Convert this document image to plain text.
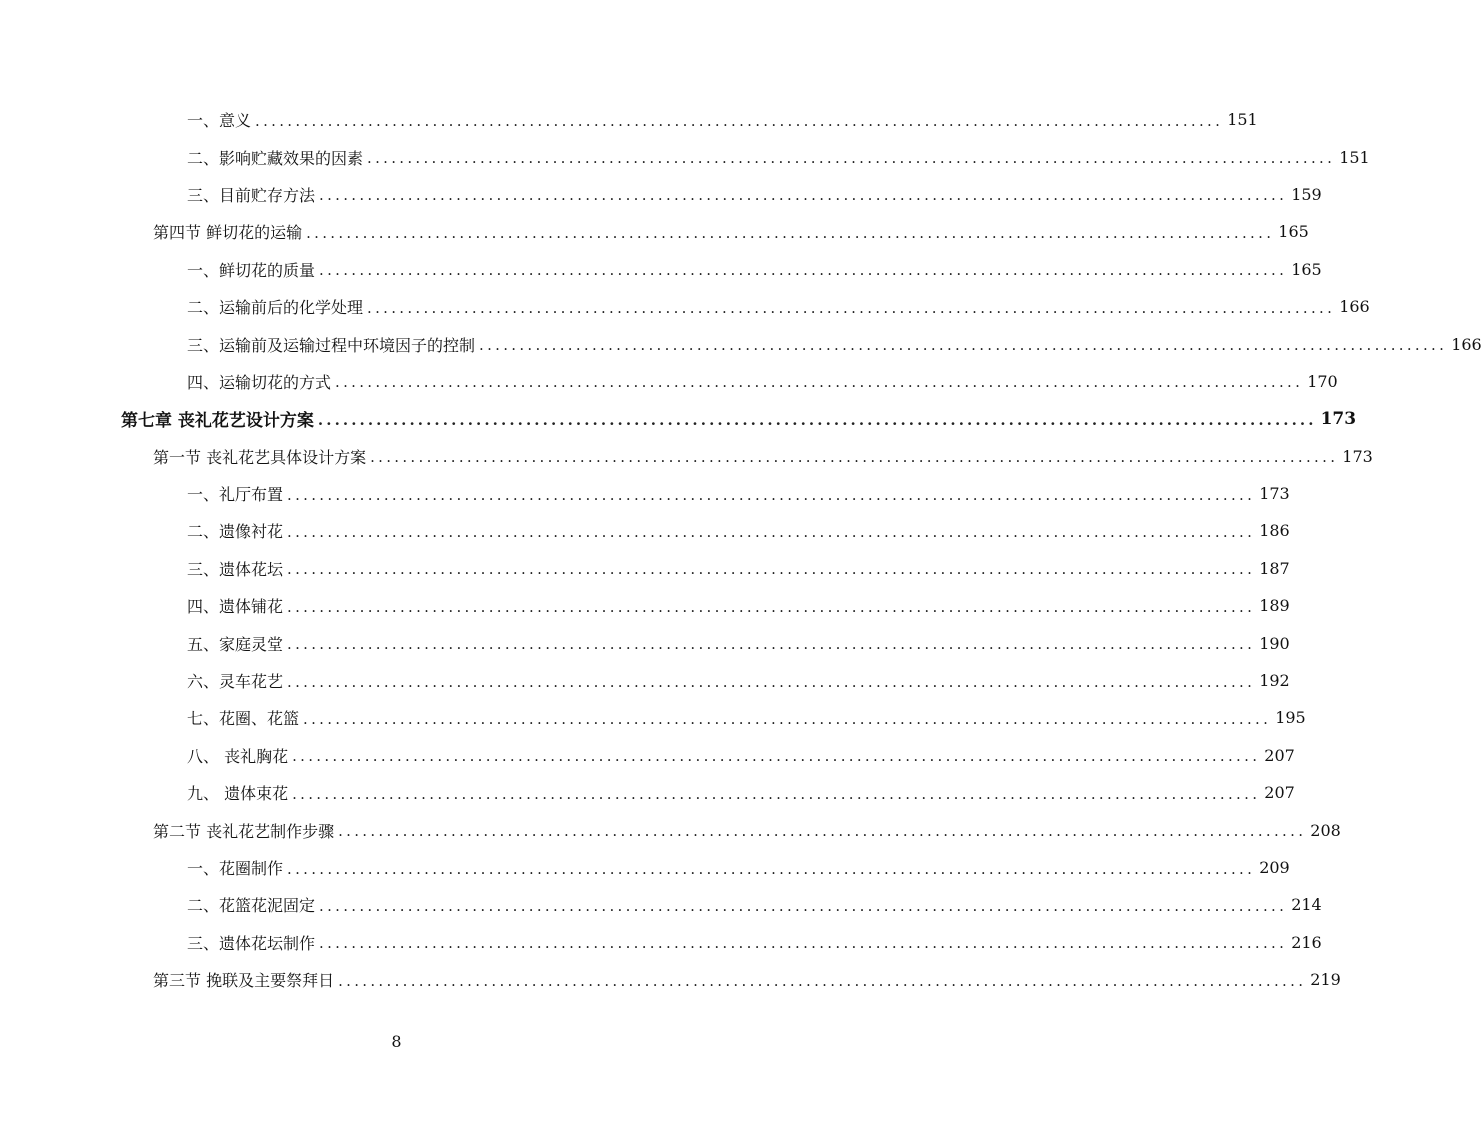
一、意义 ........................................................................................................................ 151
二、影响贮藏效果的因素 ........................................................................................................................ 151
三、目前贮存方法 ........................................................................................................................ 159
第四节 鲜切花的运输 ........................................................................................................................ 165
一、鲜切花的质量 ........................................................................................................................ 165
二、运输前后的化学处理 ........................................................................................................................ 166
三、运输前及运输过程中环境因子的控制 ........................................................................................................................ 166
四、运输切花的方式 ........................................................................................................................ 170
第七章 丧礼花艺设计方案 ........................................................................................................................ 173
第一节 丧礼花艺具体设计方案 ........................................................................................................................ 173
一、礼厅布置 ........................................................................................................................ 173
二、遗像衬花 ........................................................................................................................ 186
三、遗体花坛 ........................................................................................................................ 187
四、遗体铺花 ........................................................................................................................ 189
五、家庭灵堂 ........................................................................................................................ 190
六、灵车花艺 ........................................................................................................................ 192
七、花圈、花篮 ........................................................................................................................ 195
八、 丧礼胸花 ........................................................................................................................ 207
九、 遗体束花 ........................................................................................................................ 207
第二节 丧礼花艺制作步骤 ........................................................................................................................ 208
一、花圈制作 ........................................................................................................................ 209
二、花篮花泥固定 ........................................................................................................................ 214
三、遗体花坛制作 ........................................................................................................................ 216
第三节 挽联及主要祭拜日 ........................................................................................................................ 219
8
